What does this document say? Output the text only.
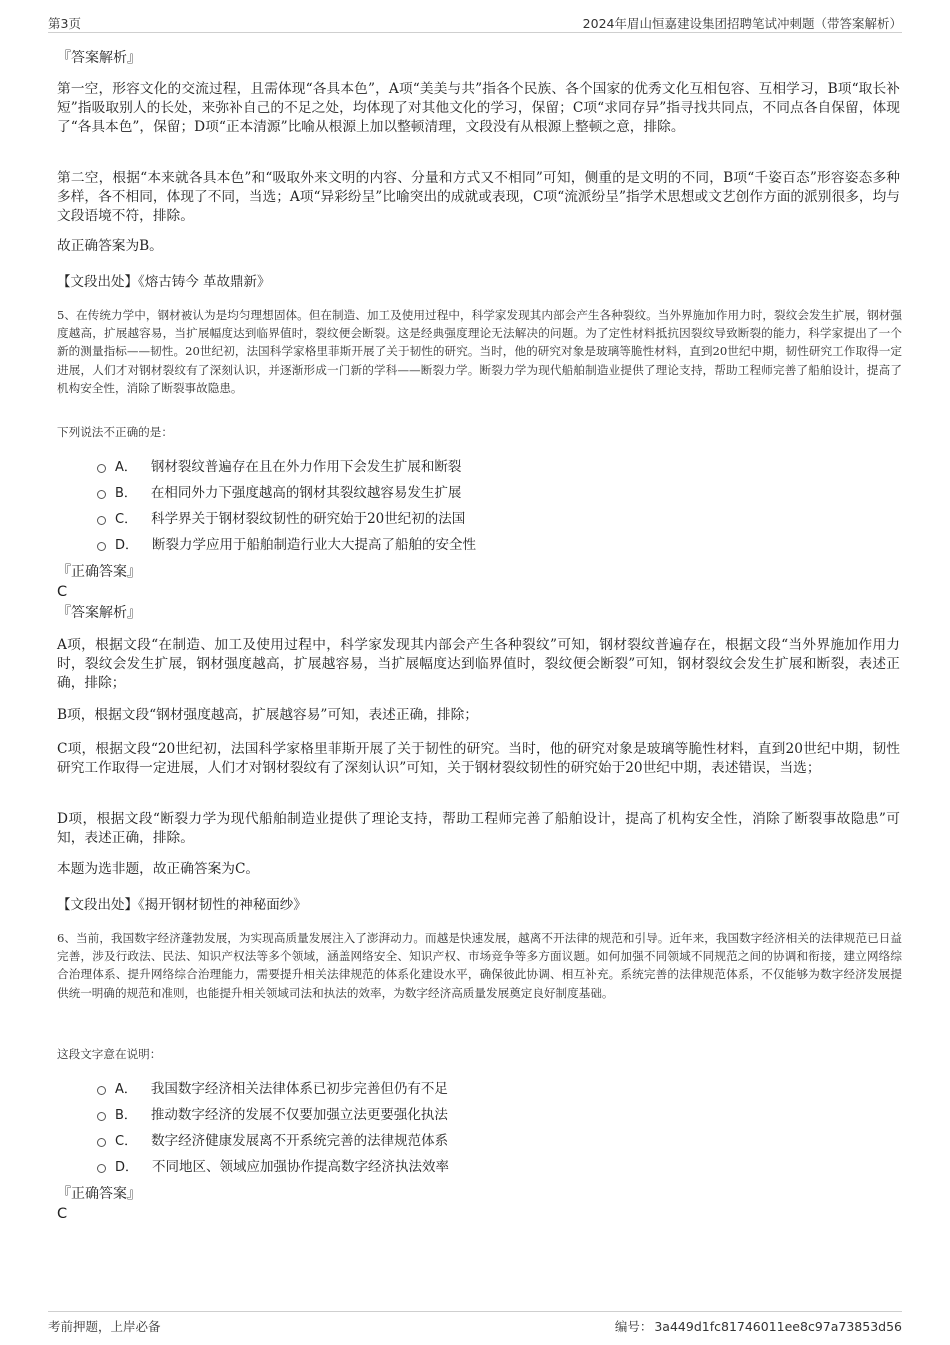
第3页	2024年眉山恒嘉建设集团招聘笔试冲刺题（带答案解析）
『答案解析』
第一空，形容文化的交流过程，且需体现“各具本色”，A项“美美与共”指各个民族、各个国家的优秀文化互相包容、互相学习，B项“取长补短”指吸取别人的长处，来弥补自己的不足之处，均体现了对其他文化的学习，保留；C项“求同存异”指寻找共同点，不同点各自保留，体现了“各具本色”，保留；D项“正本清源”比喻从根源上加以整顿清理，文段没有从根源上整顿之意，排除。
第二空，根据“本来就各具本色”和“吸取外来文明的内容、分量和方式又不相同”可知，侧重的是文明的不同，B项“千姿百态”形容姿态多种多样，各不相同，体现了不同，当选；A项“异彩纷呈”比喻突出的成就或表现，C项“流派纷呈”指学术思想或文艺创作方面的派别很多，均与文段语境不符，排除。
故正确答案为B。
【文段出处】《熔古铸今 革故鼎新》
5、在传统力学中，钢材被认为是均匀理想固体。但在制造、加工及使用过程中，科学家发现其内部会产生各种裂纹。当外界施加作用力时，裂纹会发生扩展，钢材强度越高，扩展越容易，当扩展幅度达到临界值时，裂纹便会断裂。这是经典强度理论无法解决的问题。为了定性材料抵抗因裂纹导致断裂的能力，科学家提出了一个新的测量指标——韧性。20世纪初，法国科学家格里菲斯开展了关于韧性的研究。当时，他的研究对象是玻璃等脆性材料，直到20世纪中期，韧性研究工作取得一定进展，人们才对钢材裂纹有了深刻认识，并逐渐形成一门新的学科——断裂力学。断裂力学为现代船舶制造业提供了理论支持，帮助工程师完善了船舶设计，提高了机构安全性，消除了断裂事故隐患。
下列说法不正确的是：
A． 钢材裂纹普遍存在且在外力作用下会发生扩展和断裂
B． 在相同外力下强度越高的钢材其裂纹越容易发生扩展
C． 科学界关于钢材裂纹韧性的研究始于20世纪初的法国
D． 断裂力学应用于船舶制造行业大大提高了船舶的安全性
『正确答案』
C
『答案解析』
A项，根据文段“在制造、加工及使用过程中，科学家发现其内部会产生各种裂纹”可知，钢材裂纹普遍存在，根据文段“当外界施加作用力时，裂纹会发生扩展，钢材强度越高，扩展越容易，当扩展幅度达到临界值时，裂纹便会断裂”可知，钢材裂纹会发生扩展和断裂，表述正确，排除；
B项，根据文段“钢材强度越高，扩展越容易”可知，表述正确，排除；
C项，根据文段“20世纪初，法国科学家格里菲斯开展了关于韧性的研究。当时，他的研究对象是玻璃等脆性材料，直到20世纪中期，韧性研究工作取得一定进展，人们才对钢材裂纹有了深刻认识”可知，关于钢材裂纹韧性的研究始于20世纪中期，表述错误，当选；
D项，根据文段“断裂力学为现代船舶制造业提供了理论支持，帮助工程师完善了船舶设计，提高了机构安全性，消除了断裂事故隐患”可知，表述正确，排除。
本题为选非题，故正确答案为C。
【文段出处】《揭开钢材韧性的神秘面纱》
6、当前，我国数字经济蓬勃发展，为实现高质量发展注入了澎湃动力。而越是快速发展，越离不开法律的规范和引导。近年来，我国数字经济相关的法律规范已日益完善，涉及行政法、民法、知识产权法等多个领域，涵盖网络安全、知识产权、市场竞争等多方面议题。如何加强不同领域不同规范之间的协调和衔接，建立网络综合治理体系、提升网络综合治理能力，需要提升相关法律规范的体系化建设水平，确保彼此协调、相互补充。系统完善的法律规范体系，不仅能够为数字经济发展提供统一明确的规范和准则，也能提升相关领域司法和执法的效率，为数字经济高质量发展奠定良好制度基础。
这段文字意在说明：
A． 我国数字经济相关法律体系已初步完善但仍有不足
B． 推动数字经济的发展不仅要加强立法更要强化执法
C． 数字经济健康发展离不开系统完善的法律规范体系
D． 不同地区、领域应加强协作提高数字经济执法效率
『正确答案』
C
考前押题，上岸必备	编号： 3a449d1fc81746011ee8c97a73853d56
